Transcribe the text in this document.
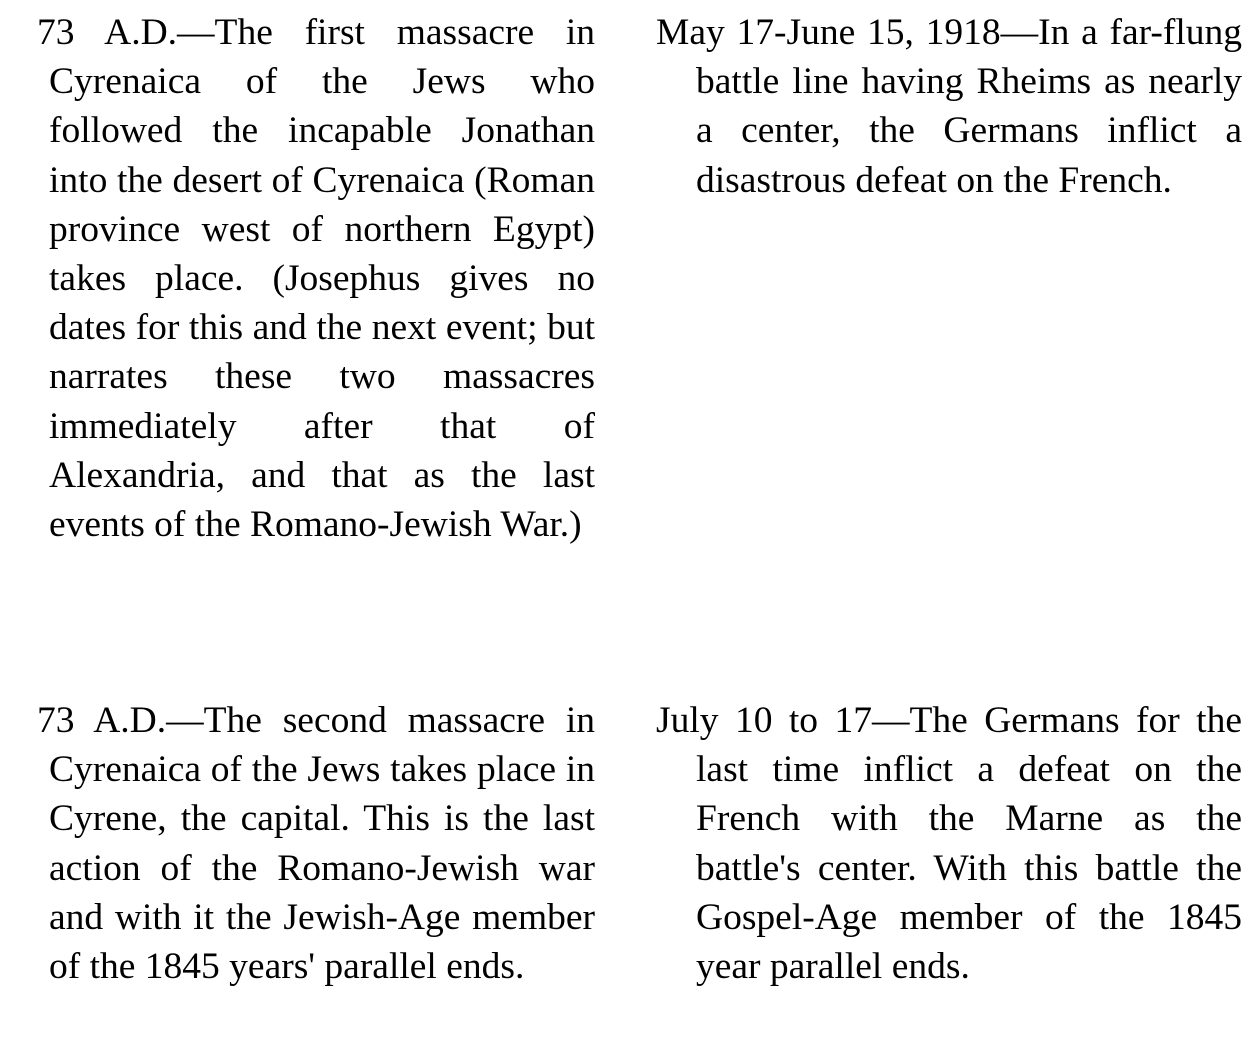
73 A.D.—The first massacre in Cyrenaica of the Jews who followed the incapable Jonathan into the desert of Cyrenaica (Roman province west of northern Egypt) takes place. (Josephus gives no dates for this and the next event; but narrates these two massacres immediately after that of Alexandria, and that as the last events of the Romano-Jewish War.)

May 17-June 15, 1918—In a far-flung battle line having Rheims as nearly a center, the Germans inflict a disastrous defeat on the French.

73 A.D.—The second massacre in Cyrenaica of the Jews takes place in Cyrene, the capital. This is the last action of the Romano-Jewish war and with it the Jewish-Age member of the 1845 years' parallel ends.

July 10 to 17—The Germans for the last time inflict a defeat on the French with the Marne as the battle's center. With this battle the Gospel-Age member of the 1845 year parallel ends.
